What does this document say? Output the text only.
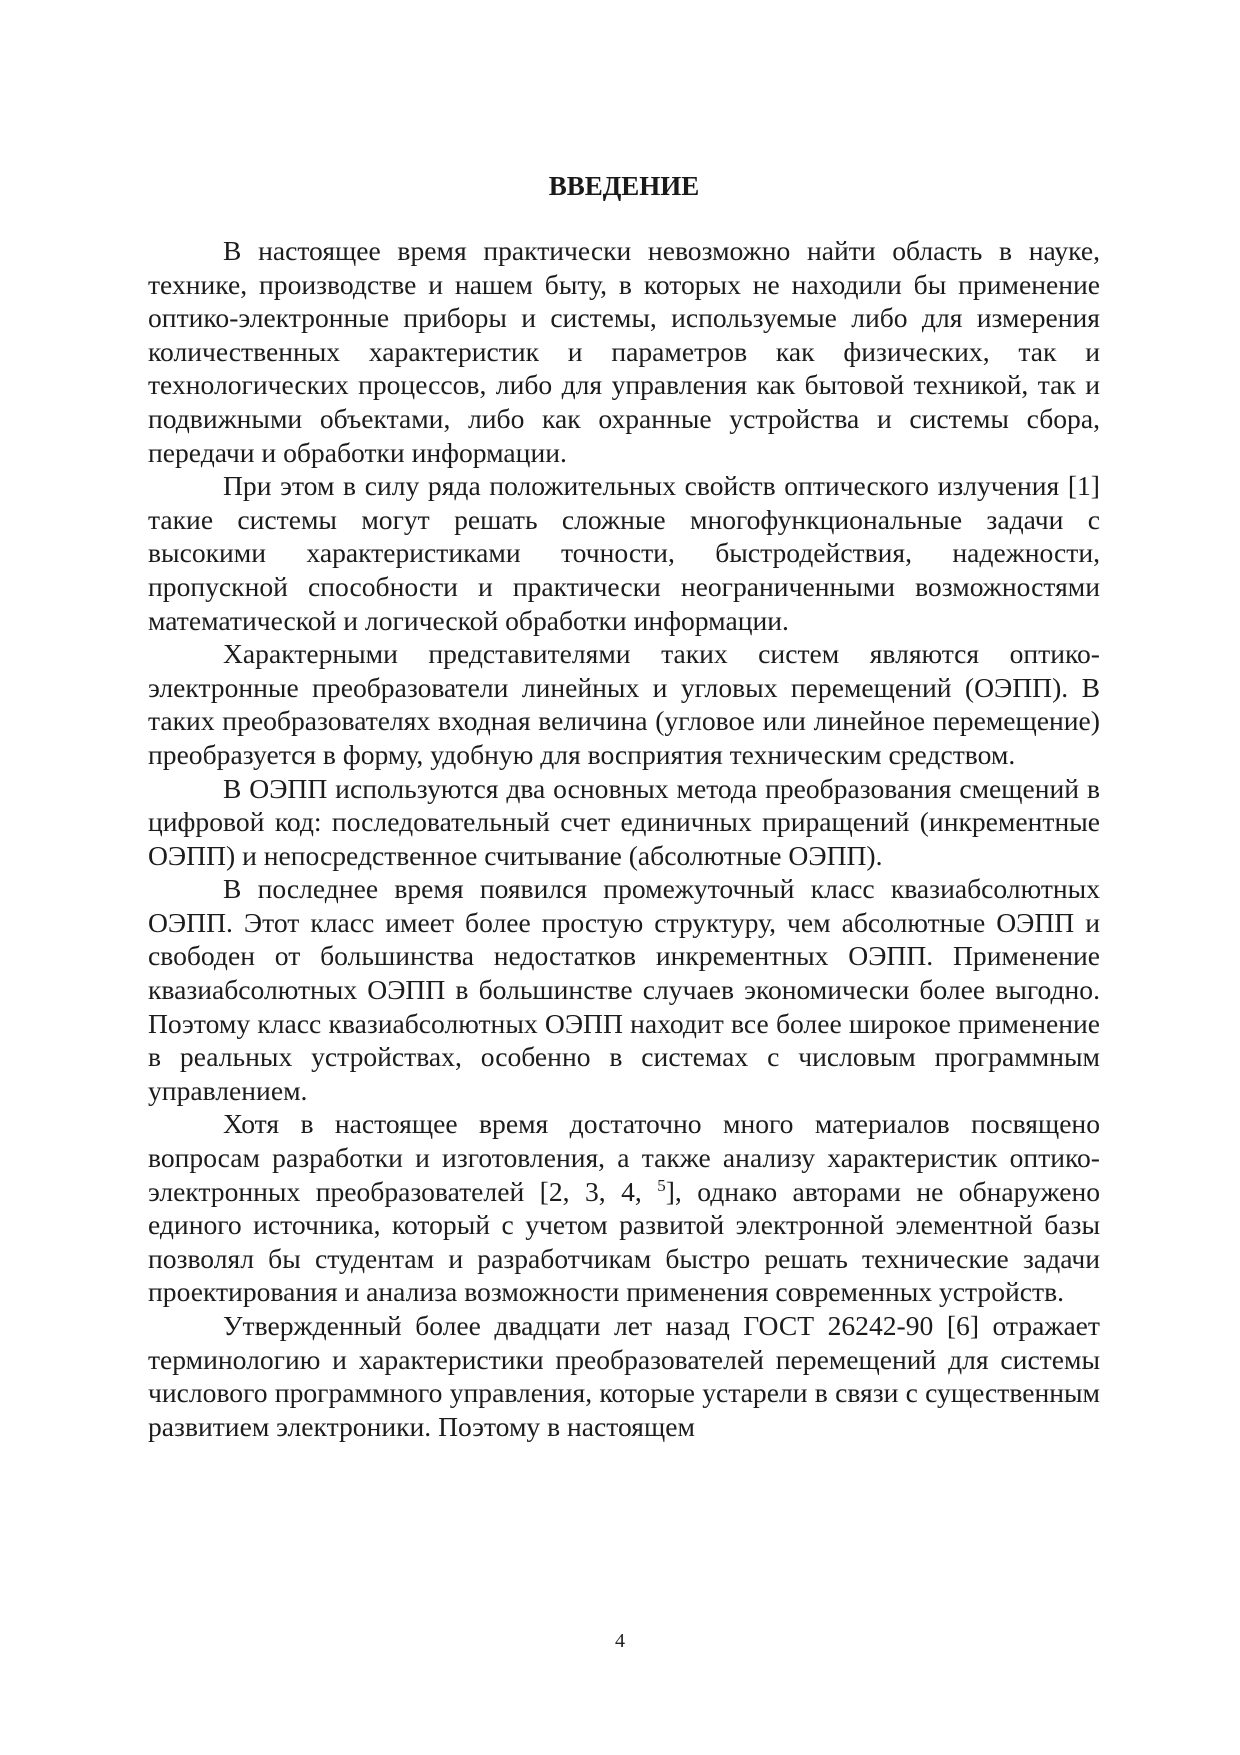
ВВЕДЕНИЕ

В настоящее время практически невозможно найти область в науке, технике, производстве и нашем быту, в которых не находили бы применение оптико-электронные приборы и системы, используемые либо для измерения количественных характеристик и параметров как физических, так и технологических процессов, либо для управления как бытовой техникой, так и подвижными объектами, либо как охранные устройства и системы сбора, передачи и обработки информации.

При этом в силу ряда положительных свойств оптического излучения [1] такие системы могут решать сложные многофункциональные задачи с высокими характеристиками точности, быстродействия, надежности, пропускной способности и практически неограниченными возможностями математической и логической обработки информации.

Характерными представителями таких систем являются оптико-электронные преобразователи линейных и угловых перемещений (ОЭПП). В таких преобразователях входная величина (угловое или линейное перемещение) преобразуется в форму, удобную для восприятия техническим средством.

В ОЭПП используются два основных метода преобразования смещений в цифровой код: последовательный счет единичных приращений (инкрементные ОЭПП) и непосредственное считывание (абсолютные ОЭПП).

В последнее время появился промежуточный класс квазиабсолютных ОЭПП. Этот класс имеет более простую структуру, чем абсолютные ОЭПП и свободен от большинства недостатков инкрементных ОЭПП. Применение квазиабсолютных ОЭПП в большинстве случаев экономически более выгодно. Поэтому класс квазиабсолютных ОЭПП находит все более широкое применение в реальных устройствах, особенно в системах с числовым программным управлением.

Хотя в настоящее время достаточно много материалов посвящено вопросам разработки и изготовления, а также анализу характеристик оптико-электронных преобразователей [2, 3, 4, $^5$], однако авторами не обнаружено единого источника, который с учетом развитой электронной элементной базы позволял бы студентам и разработчикам быстро решать технические задачи проектирования и анализа возможности применения современных устройств.

Утвержденный более двадцати лет назад ГОСТ 26242-90 [6] отражает терминологию и характеристики преобразователей перемещений для системы числового программного управления, которые устарели в связи с существенным развитием электроники. Поэтому в настоящем

4
